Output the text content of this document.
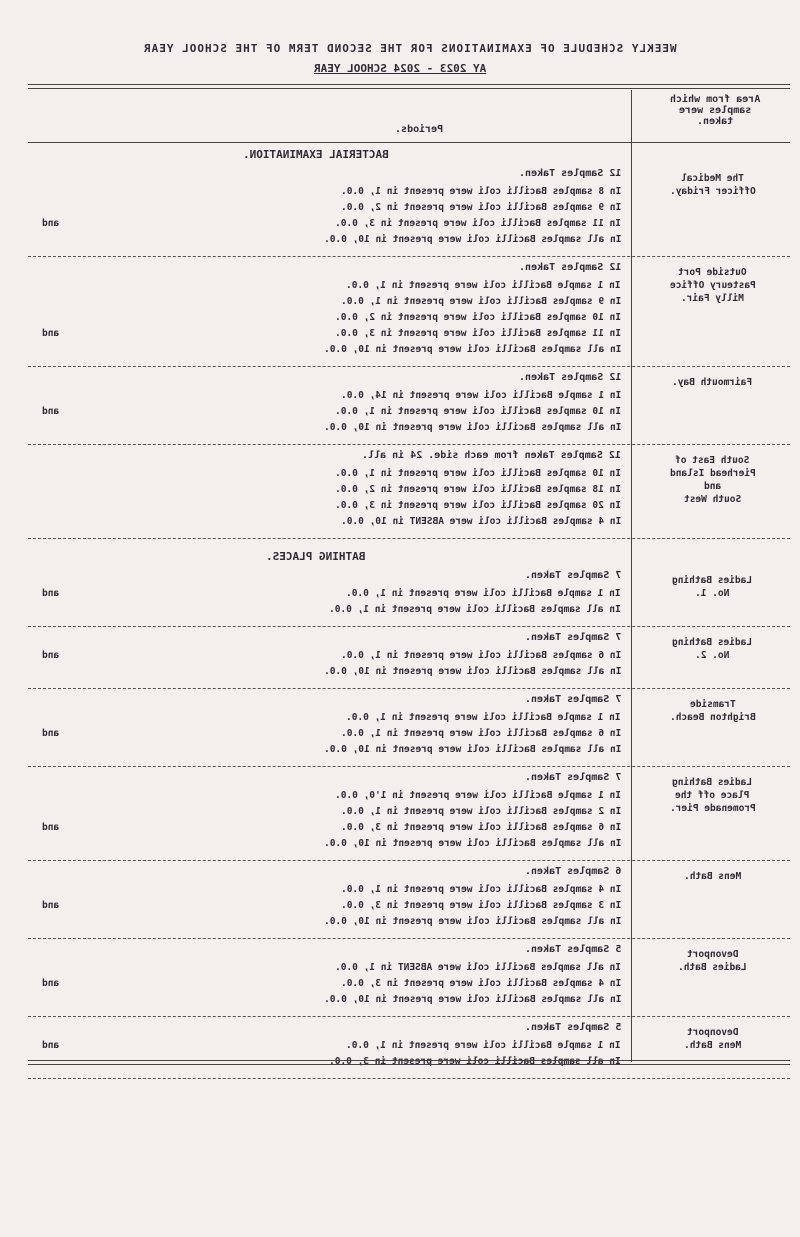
WEEKLY SCHEDULE OF EXAMINATIONS FOR THE SECOND TERM OF THE SCHOOL YEAR
AY 2023 - 2024 SCHOOL YEAR
Periods.
Area from which
samples were
taken.
BACTERIAL EXAMINATION.
12 Samples Taken.
In 8 samples Bacilli coli were present in 1, 0.0.
In 9 samples Bacilli coli were present in 2, 0.0.
and	In 11 samples Bacilli coli were present in 3, 0.0.
In all samples Bacilli coli were present in 10, 0.0.
The Medical
Officer Friday.
12 Samples Taken.
In 1 sample Bacilli coli were present in 1, 0.0.
In 9 samples Bacilli coli were present in 1, 0.0.
In 10 samples Bacilli coli were present in 2, 0.0.
and	In 11 samples Bacilli coli were present in 3, 0.0.
In all samples Bacilli coli were present in 10, 0.0.
Outside Port
Pasteury Office
Milly Fair.
12 Samples Taken.
In 1 sample Bacilli coli were present in 14, 0.0.
and	In 10 samples Bacilli coli were present in 1, 0.0.
In all samples Bacilli coli were present in 10, 0.0.
Fairmouth Bay.
12 Samples Taken from each side. 24 in all.
In 10 samples Bacilli coli were present in 1, 0.0.
In 18 samples Bacilli coli were present in 2, 0.0.
In 20 samples Bacilli coli were present in 3, 0.0.
In 4 samples Bacilli coli were ABSENT in 10, 0.0.
South East of
Pierhead Island
and
South West
BATHING PLACES.
7 Samples Taken.
and	In 1 sample Bacilli coli were present in 1, 0.0.
In all samples Bacilli coli were present in 1, 0.0.
Ladies Bathing
No. 1.
7 Samples Taken.
and	In 6 samples Bacilli coli were present in 1, 0.0.
In all samples Bacilli coli were present in 10, 0.0.
Ladies Bathing
No. 2.
7 Samples Taken.
In 1 sample Bacilli coli were present in 1, 0.0.
and	In 6 samples Bacilli coli were present in 1, 0.0.
In all samples Bacilli coli were present in 10, 0.0.
Tramside
Brighton Beach.
7 Samples Taken.
In 1 sample Bacilli coli were present in 1'0, 0.0.
In 2 samples Bacilli coli were present in 1, 0.0.
and	In 6 samples Bacilli coli were present in 3, 0.0.
In all samples Bacilli coli were present in 10, 0.0.
Ladies Bathing
Place off the
Promenade Pier.
6 Samples Taken.
In 4 samples Bacilli coli were present in 1, 0.0.
and	In 3 samples Bacilli coli were present in 3, 0.0.
In all samples Bacilli coli were present in 10, 0.0.
Mens Bath.
5 Samples Taken.
In all samples Bacilli coli were ABSENT in 1, 0.0.
and	In 4 samples Bacilli coli were present in 3, 0.0.
In all samples Bacilli coli were present in 10, 0.0.
Devonport
Ladies Bath.
5 Samples Taken.
and	In 1 sample Bacilli coli were present in 1, 0.0.
In all samples Bacilli coli were present in 3, 0.0.
Devonport
Mens Bath.
